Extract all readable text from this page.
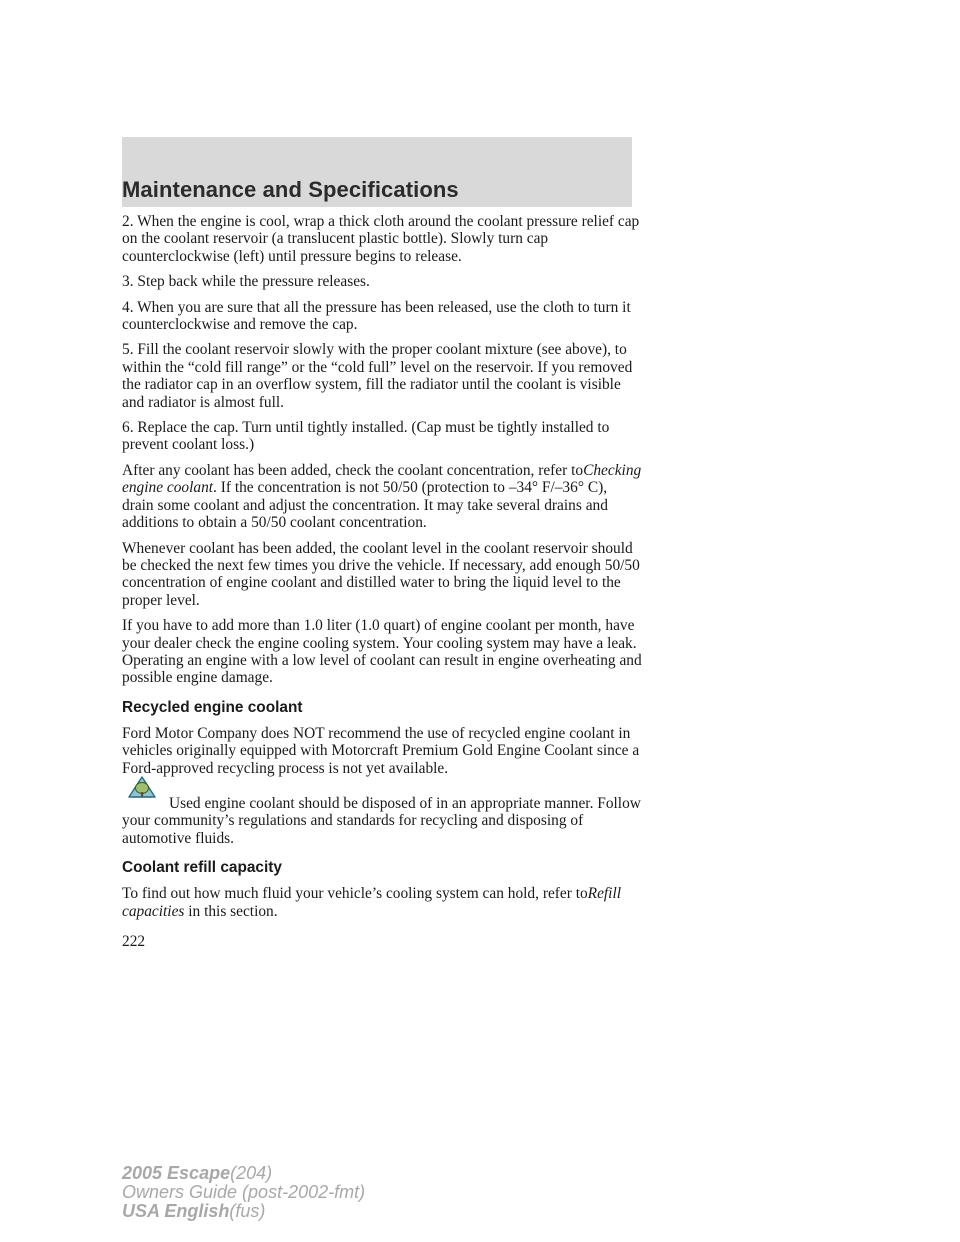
Maintenance and Specifications

2. When the engine is cool, wrap a thick cloth around the coolant pressure relief cap on the coolant reservoir (a translucent plastic bottle). Slowly turn cap counterclockwise (left) until pressure begins to release.

3. Step back while the pressure releases.

4. When you are sure that all the pressure has been released, use the cloth to turn it counterclockwise and remove the cap.

5. Fill the coolant reservoir slowly with the proper coolant mixture (see above), to within the “cold fill range” or the “cold full” level on the reservoir. If you removed the radiator cap in an overflow system, fill the radiator until the coolant is visible and radiator is almost full.

6. Replace the cap. Turn until tightly installed. (Cap must be tightly installed to prevent coolant loss.)

After any coolant has been added, check the coolant concentration, refer toChecking engine coolant. If the concentration is not 50/50 (protection to –34° F/–36° C), drain some coolant and adjust the concentration. It may take several drains and additions to obtain a 50/50 coolant concentration.

Whenever coolant has been added, the coolant level in the coolant reservoir should be checked the next few times you drive the vehicle. If necessary, add enough 50/50 concentration of engine coolant and distilled water to bring the liquid level to the proper level.

If you have to add more than 1.0 liter (1.0 quart) of engine coolant per month, have your dealer check the engine cooling system. Your cooling system may have a leak. Operating an engine with a low level of coolant can result in engine overheating and possible engine damage.

Recycled engine coolant

Ford Motor Company does NOT recommend the use of recycled engine coolant in vehicles originally equipped with Motorcraft Premium Gold Engine Coolant since a Ford-approved recycling process is not yet available.

Used engine coolant should be disposed of in an appropriate manner. Follow your community’s regulations and standards for recycling and disposing of automotive fluids.

Coolant refill capacity

To find out how much fluid your vehicle’s cooling system can hold, refer toRefill capacities in this section.

222

2005 Escape(204)
Owners Guide (post-2002-fmt)
USA English(fus)
